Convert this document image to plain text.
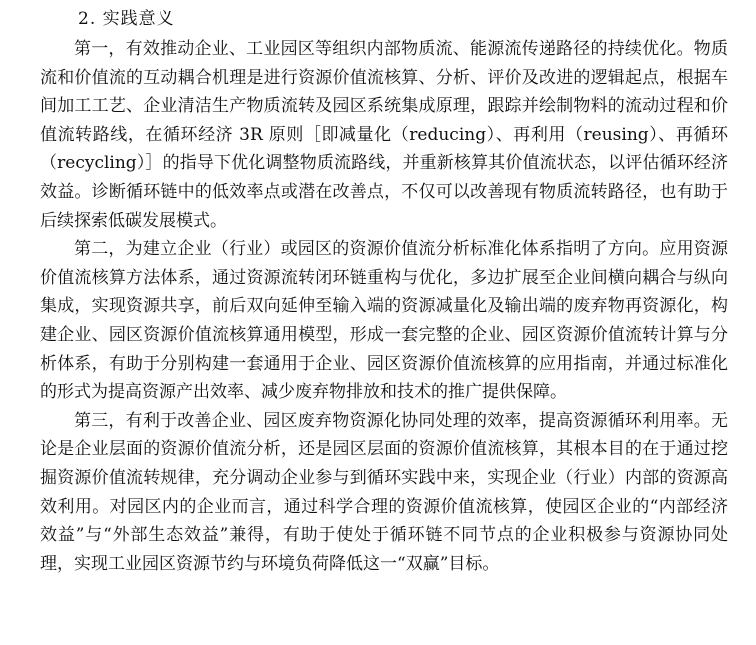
2. 实践意义

第一，有效推动企业、工业园区等组织内部物质流、能源流传递路径的持续优化。物质流和价值流的互动耦合机理是进行资源价值流核算、分析、评价及改进的逻辑起点，根据车间加工工艺、企业清洁生产物质流转及园区系统集成原理，跟踪并绘制物料的流动过程和价值流转路线，在循环经济 3R 原则［即减量化（reducing）、再利用（reusing）、再循环（recycling）］的指导下优化调整物质流路线，并重新核算其价值流状态，以评估循环经济效益。诊断循环链中的低效率点或潜在改善点，不仅可以改善现有物质流转路径，也有助于后续探索低碳发展模式。

第二，为建立企业（行业）或园区的资源价值流分析标准化体系指明了方向。应用资源价值流核算方法体系，通过资源流转闭环链重构与优化，多边扩展至企业间横向耦合与纵向集成，实现资源共享，前后双向延伸至输入端的资源减量化及输出端的废弃物再资源化，构建企业、园区资源价值流核算通用模型，形成一套完整的企业、园区资源价值流转计算与分析体系，有助于分别构建一套通用于企业、园区资源价值流核算的应用指南，并通过标准化的形式为提高资源产出效率、减少废弃物排放和技术的推广提供保障。

第三，有利于改善企业、园区废弃物资源化协同处理的效率，提高资源循环利用率。无论是企业层面的资源价值流分析，还是园区层面的资源价值流核算，其根本目的在于通过挖掘资源价值流转规律，充分调动企业参与到循环实践中来，实现企业（行业）内部的资源高效利用。对园区内的企业而言，通过科学合理的资源价值流核算，使园区企业的“内部经济效益”与“外部生态效益”兼得，有助于使处于循环链不同节点的企业积极参与资源协同处理，实现工业园区资源节约与环境负荷降低这一“双赢”目标。
